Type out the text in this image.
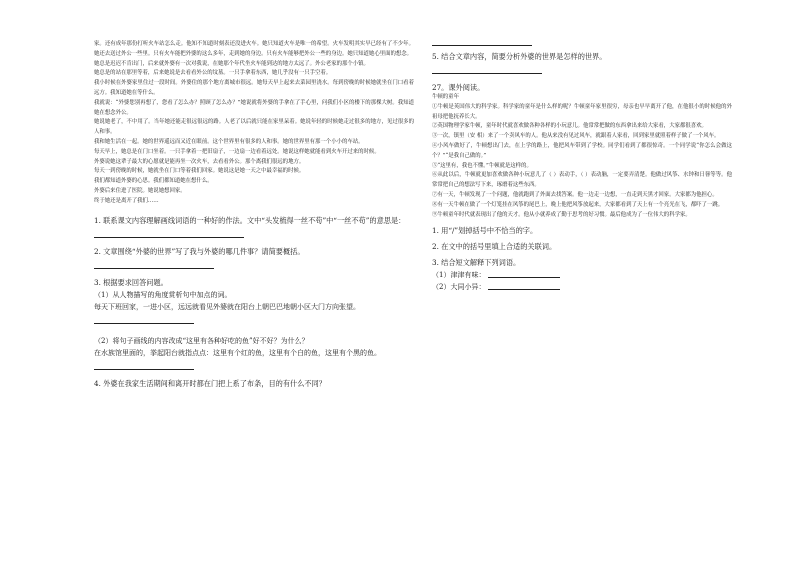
家。还有成年那份打听火车站怎么走。他知不知道时刻表还没进火车。她只知道火车是唯一的希望。火车发明其实早已经有了不少年。她还去送过外公一些里。只有火车能把外婆的这么多年，走到她的身边。只有火车能够把外公一些的身边。她只知道她心里面的想念。

她总是迟迟不肯出门，后来就外婆有一次对我说，在她那个年代坐火车能到达的地方太远了。外公老家的那个小镇。

她总是的站在那里等着，后来她说是去看看外公的坟墓。一只手拿着东西，她几乎没有一只手空着。

我小时候在外婆家里住过一段时间。外婆住的那个地方离城市很远。她每天早上起来去菜园里浇水。每到傍晚的时候她就坐在门口看着远方。我知道她在等什么。

我就说：“外婆您别再想了，您看了怎么办？照顾了怎么办？”她说就将外婆的手拿在了手心里，问我们小区的楼下的那棵大树。我知道她在想念外公。

她说她老了，不中用了。当年她还能走很远很远的路。人老了以后就只能在家里呆着。她说年轻的时候她走过很多的地方，见过很多的人和事。

我和她生活在一起。她的世界遥远而又近在眼前。这个世界里有很多的人和事。她的世界里有那一个小小的车站。

每天早上，她总是在门口坐着。一只手拿着一把旧扇子，一边扇一边看着远处。她说这样她就能看到火车开过来的时候。

外婆说她这辈子最大的心愿就是能再坐一次火车，去看看外公。那个离我们很远的地方。

每天一到傍晚的时候，她就坐在门口等着我们回家。她说这是她一天之中最幸福的时候。

我们都知道外婆的心思。我们都知道她在想什么。

外婆后来住进了医院。她说她想回家。

终于她还是离开了我们……

1. 联系课文内容理解画线词语的一种好的作法。文中“头发梳得一丝不苟”中“一丝不苟”的意思是：

2. 文章围绕“外婆的世界”写了我与外婆的哪几件事？请简要概括。

3. 根据要求回答问题。

（1）从人物描写的角度赏析句中加点的词。

每天下班回家，一进小区，远远就看见外婆就在阳台上朝巴巴地朝小区大门方向张望。

（2）将句子画线的内容改成“这里有各种好吃的鱼”好不好？为什么？

在水族馆里面的，挙起阳台就指点点：这里有个红的鱼，这里有个白的鱼，这里有个黑的鱼。

4. 外婆在我家生活期间和离开时都在门把上系了布条，目的有什么不同？

5. 结合文章内容，简要分析外婆的世界是怎样的世界。

27。课外阅读。

牛顿的童年

①牛顿是英国伟大的科学家。科学家的童年是什么样的呢？牛顿童年家里很穷，母亲也早早离开了他，在他很小的时候他的外祖母把他抚养长大。

②英国物理学家牛顿，童年时代就喜欢做各种各样的小玩意儿。他常常把做的东西拿出来给大家看，大家都很喜欢。

③一次，镇里（安 相）来了一个卖风车的人。他从来没有见过风车，就跟着人家看，回到家里就照着样子做了一个风车。

④小风车做好了，牛顿想出门去，在上学的路上，他把风车带到了学校。同学们看到了都很惊奇。一个同学说“你怎么会做这个？”“是我自己做的。”

⑤“这里有，我也不懂。”牛顿就是这样的。

⑥从此以后，牛顿就更加喜欢做各种小玩意儿了（ ）表动手，（ ）表动脑，一定要弄清楚。他做过风筝、水钟和日晷等等。他常常把自己的想法写下来，琢磨着这些东西。

⑦有一天，牛顿发现了一个问题，他就跑到了外面去找答案。他一边走一边想，一直走到天黑才回家。大家都为他担心。

⑧有一天牛顿在做了一个灯笼挂在风筝的尾巴上，晚上他把风筝放起来，大家都看到了天上有一个亮光在飞，都吓了一跳。

⑨牛顿童年时代就表现出了他的天才。他从小就养成了勤于思考的好习惯。最后他成为了一位伟大的科学家。

1. 用“/”划掉括号中不恰当的字。

2. 在文中的括号里填上合适的关联词。

3. 结合短文解释下列词语。

（1）津津有味：

（2）大同小异：
